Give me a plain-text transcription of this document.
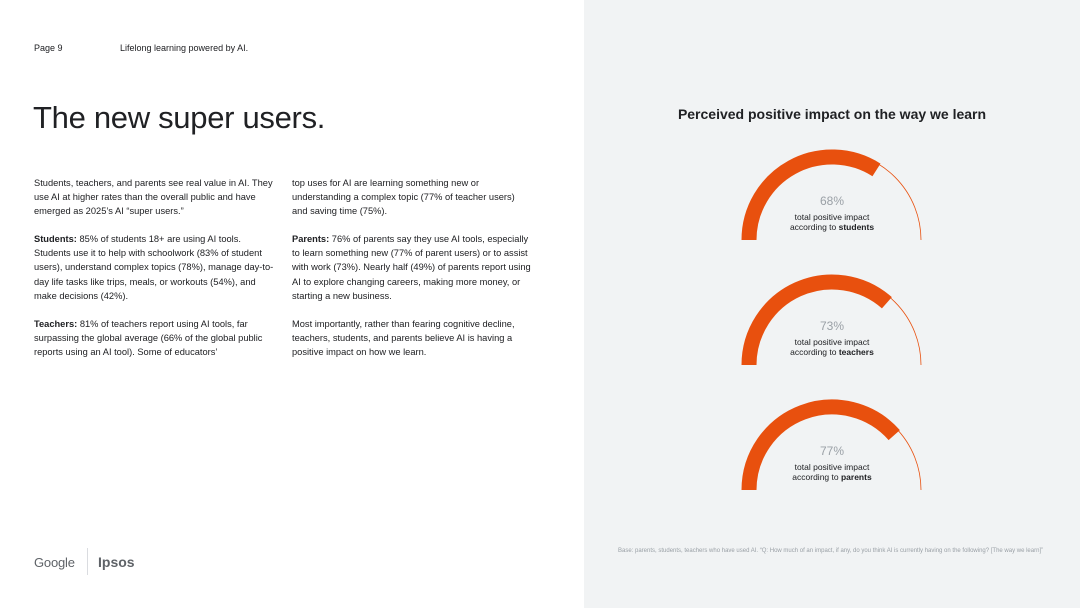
Page 9	Lifelong learning powered by AI.
The new super users.

Students, teachers, and parents see real value in AI. They use AI at higher rates than the overall public and have emerged as 2025’s AI “super users.”

Students: 85% of students 18+ are using AI tools. Students use it to help with schoolwork (83% of student users), understand complex topics (78%), manage day-to-day life tasks like trips, meals, or workouts (54%), and make decisions (42%).

Teachers: 81% of teachers report using AI tools, far surpassing the global average (66% of the global public reports using an AI tool). Some of educators’

top uses for AI are learning something new or understanding a complex topic (77% of teacher users) and saving time (75%).

Parents: 76% of parents say they use AI tools, especially to learn something new (77% of parent users) or to assist with work (73%). Nearly half (49%) of parents report using AI to explore changing careers, making more money, or starting a new business.

Most importantly, rather than fearing cognitive decline, teachers, students, and parents believe AI is having a positive impact on how we learn.

Google Ipsos
Perceived positive impact on the way we learn
68%
total positive impact
according to students
73%
total positive impact
according to teachers
77%
total positive impact
according to parents
Base: parents, students, teachers who have used AI. “Q: How much of an impact, if any, do you think AI is currently having on the following? [The way we learn]”
